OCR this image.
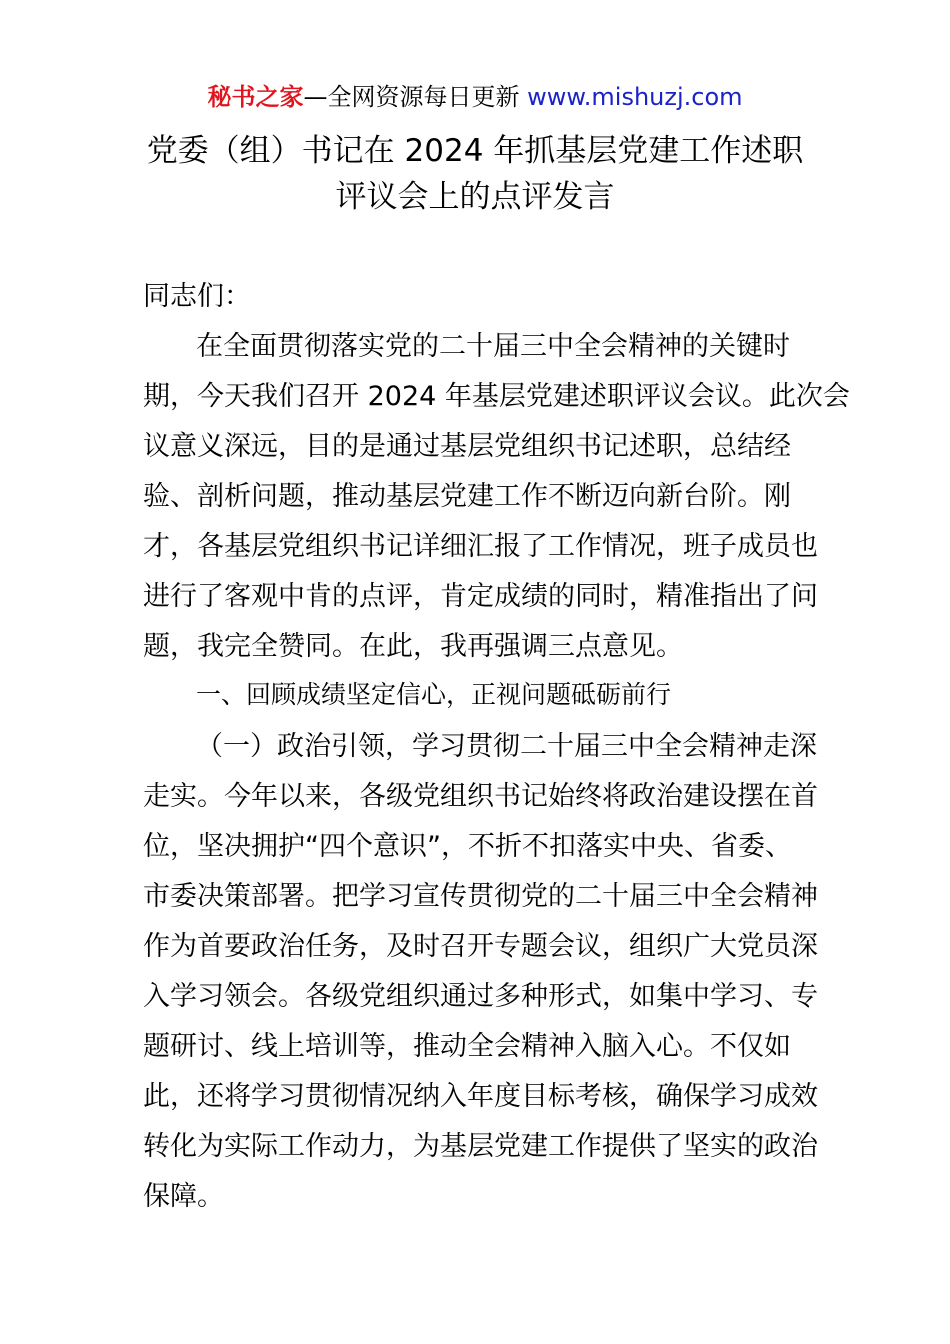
秘书之家—全网资源每日更新 www.mishuzj.com
党委（组）书记在 2024 年抓基层党建工作述职
评议会上的点评发言
同志们：
在全面贯彻落实党的二十届三中全会精神的关键时
期，今天我们召开 2024 年基层党建述职评议会议。此次会
议意义深远，目的是通过基层党组织书记述职，总结经
验、剖析问题，推动基层党建工作不断迈向新台阶。刚
才，各基层党组织书记详细汇报了工作情况，班子成员也
进行了客观中肯的点评，肯定成绩的同时，精准指出了问
题，我完全赞同。在此，我再强调三点意见。
一、回顾成绩坚定信心，正视问题砥砺前行
（一）政治引领，学习贯彻二十届三中全会精神走深
走实。今年以来，各级党组织书记始终将政治建设摆在首
位，坚决拥护“四个意识”，不折不扣落实中央、省委、
市委决策部署。把学习宣传贯彻党的二十届三中全会精神
作为首要政治任务，及时召开专题会议，组织广大党员深
入学习领会。各级党组织通过多种形式，如集中学习、专
题研讨、线上培训等，推动全会精神入脑入心。不仅如
此，还将学习贯彻情况纳入年度目标考核，确保学习成效
转化为实际工作动力，为基层党建工作提供了坚实的政治
保障。
